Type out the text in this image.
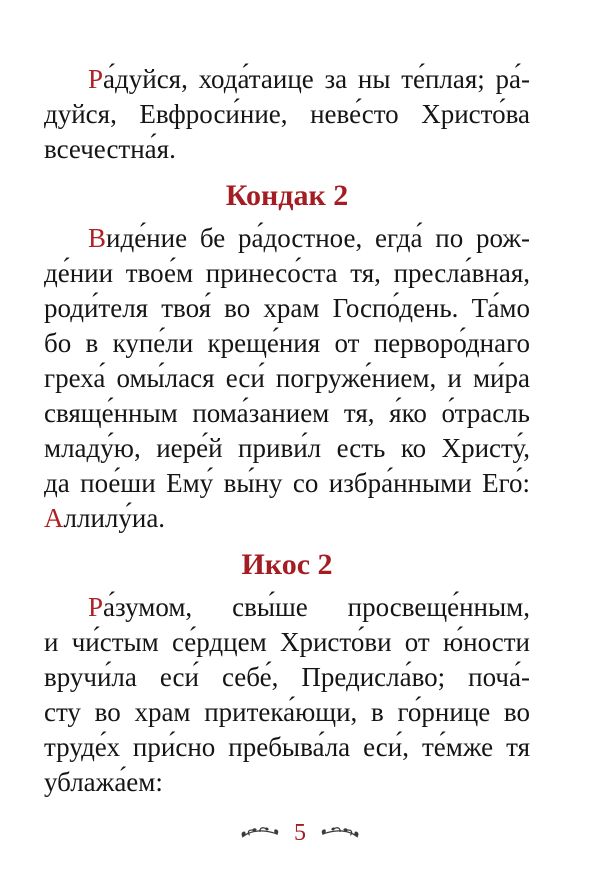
Ра́дуйся, хода́таице за ны те́плая; ра́-
дуйся, Евфроси́ние, неве́сто Христо́ва
всечестна́я.
Кондак 2
Виде́ние бе ра́достное, егда́ по рож-
де́нии твое́м принесо́ста тя, пресла́вная,
роди́теля твоя́ во храм Госпо́день. Та́мо
бо в купе́ли креще́ния от перворо́днаго
греха́ омы́лася еси́ погруже́нием, и ми́ра
свяще́нным пома́занием тя, я́ко о́трасль
младу́ю, иере́й приви́л есть ко Христу́,
да пое́ши Ему́ вы́ну со избра́нными Его́:
Аллилу́иа.
Икос 2
Ра́зумом, свы́ше просвеще́нным,
и чи́стым се́рдцем Христо́ви от ю́ности
вручи́ла еси́ себе́, Предисла́во; поча́-
сту во храм притека́ющи, в го́рнице во
труде́х при́сно пребыва́ла еси́, те́мже тя
ублажа́ем:
5
